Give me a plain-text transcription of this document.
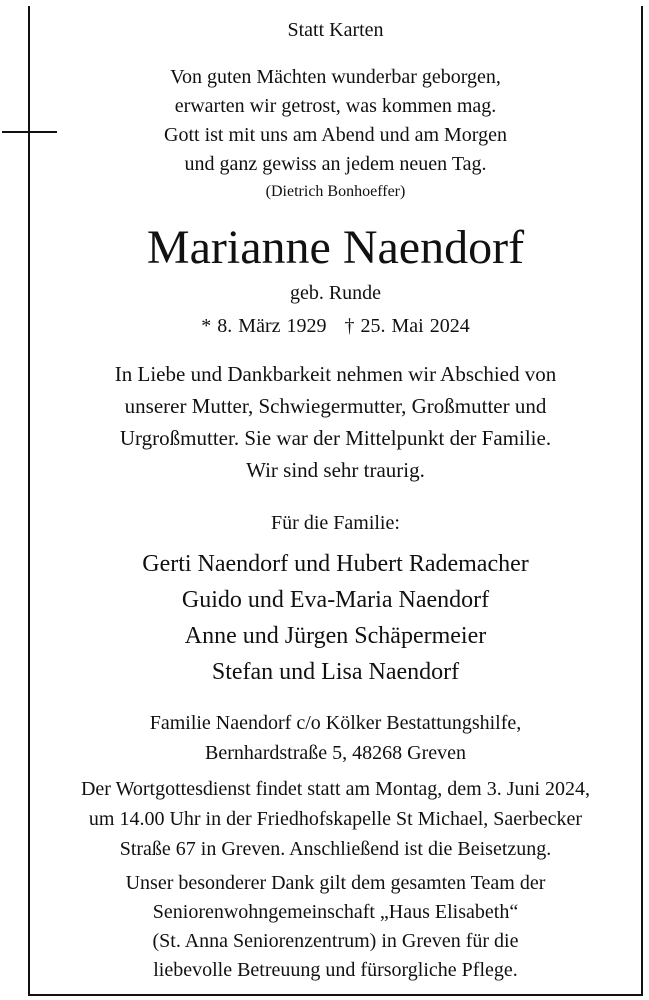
Statt Karten
Von guten Mächten wunderbar geborgen,
erwarten wir getrost, was kommen mag.
Gott ist mit uns am Abend und am Morgen
und ganz gewiss an jedem neuen Tag.
(Dietrich Bonhoeffer)
Marianne Naendorf
geb. Runde
* 8. März 1929 † 25. Mai 2024
In Liebe und Dankbarkeit nehmen wir Abschied von
unserer Mutter, Schwiegermutter, Großmutter und
Urgroßmutter. Sie war der Mittelpunkt der Familie.
Wir sind sehr traurig.
Für die Familie:
Gerti Naendorf und Hubert Rademacher
Guido und Eva-Maria Naendorf
Anne und Jürgen Schäpermeier
Stefan und Lisa Naendorf
Familie Naendorf c/o Kölker Bestattungshilfe,
Bernhardstraße 5, 48268 Greven
Der Wortgottesdienst findet statt am Montag, dem 3. Juni 2024,
um 14.00 Uhr in der Friedhofskapelle St Michael, Saerbecker
Straße 67 in Greven. Anschließend ist die Beisetzung.
Unser besonderer Dank gilt dem gesamten Team der
Seniorenwohngemeinschaft „Haus Elisabeth“
(St. Anna Seniorenzentrum) in Greven für die
liebevolle Betreuung und fürsorgliche Pflege.
